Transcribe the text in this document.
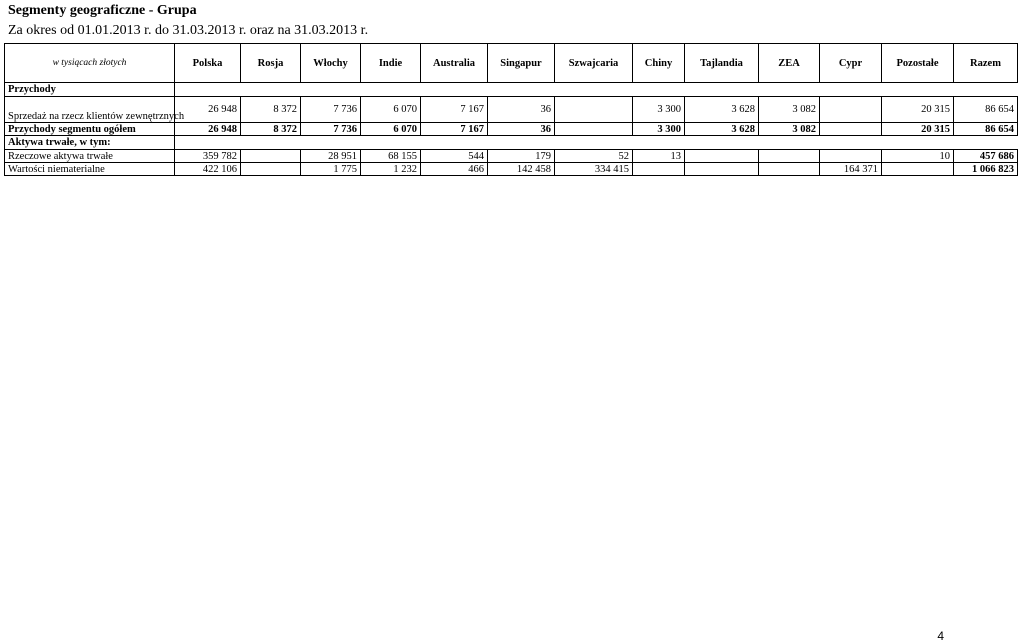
Segmenty geograficzne - Grupa
Za okres od 01.01.2013 r. do 31.03.2013 r. oraz na 31.03.2013 r.
w tysiącach złotych	Polska	Rosja	Włochy	Indie	Australia	Singapur	Szwajcaria	Chiny	Tajlandia	ZEA	Cypr	Pozostałe	Razem
Przychody													
Sprzedaż na rzecz klientów zewnętrznych	26 948	8 372	7 736	6 070	7 167	36		3 300	3 628	3 082		20 315	86 654
Przychody segmentu ogółem	26 948	8 372	7 736	6 070	7 167	36		3 300	3 628	3 082		20 315	86 654
Aktywa trwałe, w tym:													
Rzeczowe aktywa trwałe	359 782		28 951	68 155	544	179	52	13				10	457 686
Wartości niematerialne	422 106		1 775	1 232	466	142 458	334 415				164 371		1 066 823
4
